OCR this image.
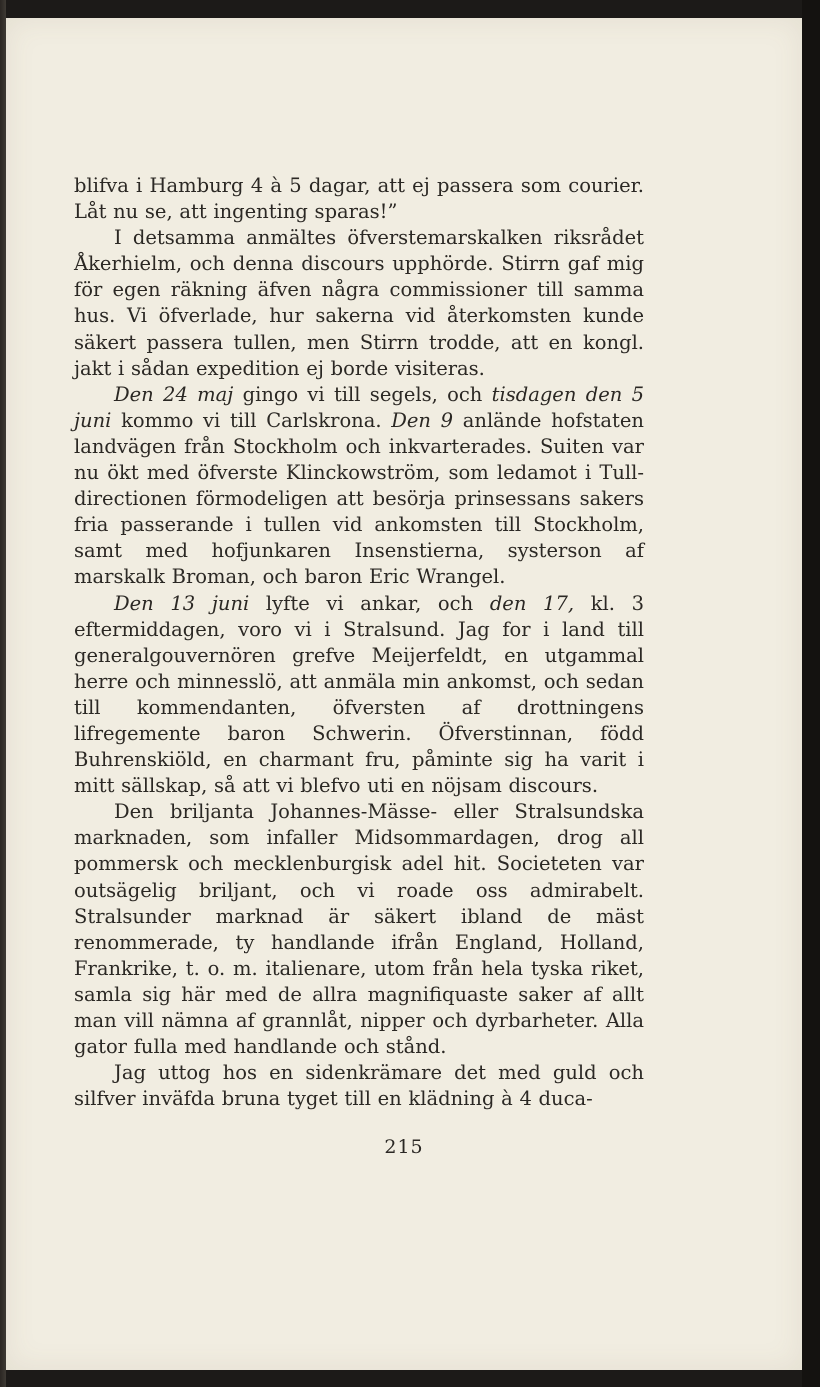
blifva i Hamburg 4 à 5 dagar, att ej passera som courier. Låt nu se, att ingenting sparas!”

I detsamma anmältes öfverstemarskalken riksrådet Åkerhielm, och denna discours upphörde. Stirrn gaf mig för egen räkning äfven några commissioner till samma hus. Vi öfverlade, hur sakerna vid återkomsten kunde säkert passera tullen, men Stirrn trodde, att en kongl. jakt i sådan expedition ej borde visiteras.

Den 24 maj gingo vi till segels, och tisdagen den 5 juni kommo vi till Carlskrona. Den 9 anlände hofstaten landvägen från Stockholm och inkvarterades. Suiten var nu ökt med öfverste Klinckowström, som ledamot i Tull-directionen förmodeligen att besörja prinsessans sakers fria passerande i tullen vid ankomsten till Stockholm, samt med hofjunkaren Insenstierna, systerson af marskalk Broman, och baron Eric Wrangel.

Den 13 juni lyfte vi ankar, och den 17, kl. 3 eftermiddagen, voro vi i Stralsund. Jag for i land till generalgouvernören grefve Meijerfeldt, en utgammal herre och minnesslö, att anmäla min ankomst, och sedan till kommendanten, öfversten af drottningens lifregemente baron Schwerin. Öfverstinnan, född Buhrenskiöld, en charmant fru, påminte sig ha varit i mitt sällskap, så att vi blefvo uti en nöjsam discours.

Den briljanta Johannes-Mässe- eller Stralsundska marknaden, som infaller Midsommardagen, drog all pommersk och mecklenburgisk adel hit. Societeten var outsägelig briljant, och vi roade oss admirabelt. Stralsunder marknad är säkert ibland de mäst renommerade, ty handlande ifrån England, Holland, Frankrike, t. o. m. italienare, utom från hela tyska riket, samla sig här med de allra magnifiquaste saker af allt man vill nämna af grannlåt, nipper och dyrbarheter. Alla gator fulla med handlande och stånd.

Jag uttog hos en sidenkrämare det med guld och silfver inväfda bruna tyget till en klädning à 4 duca-

215
